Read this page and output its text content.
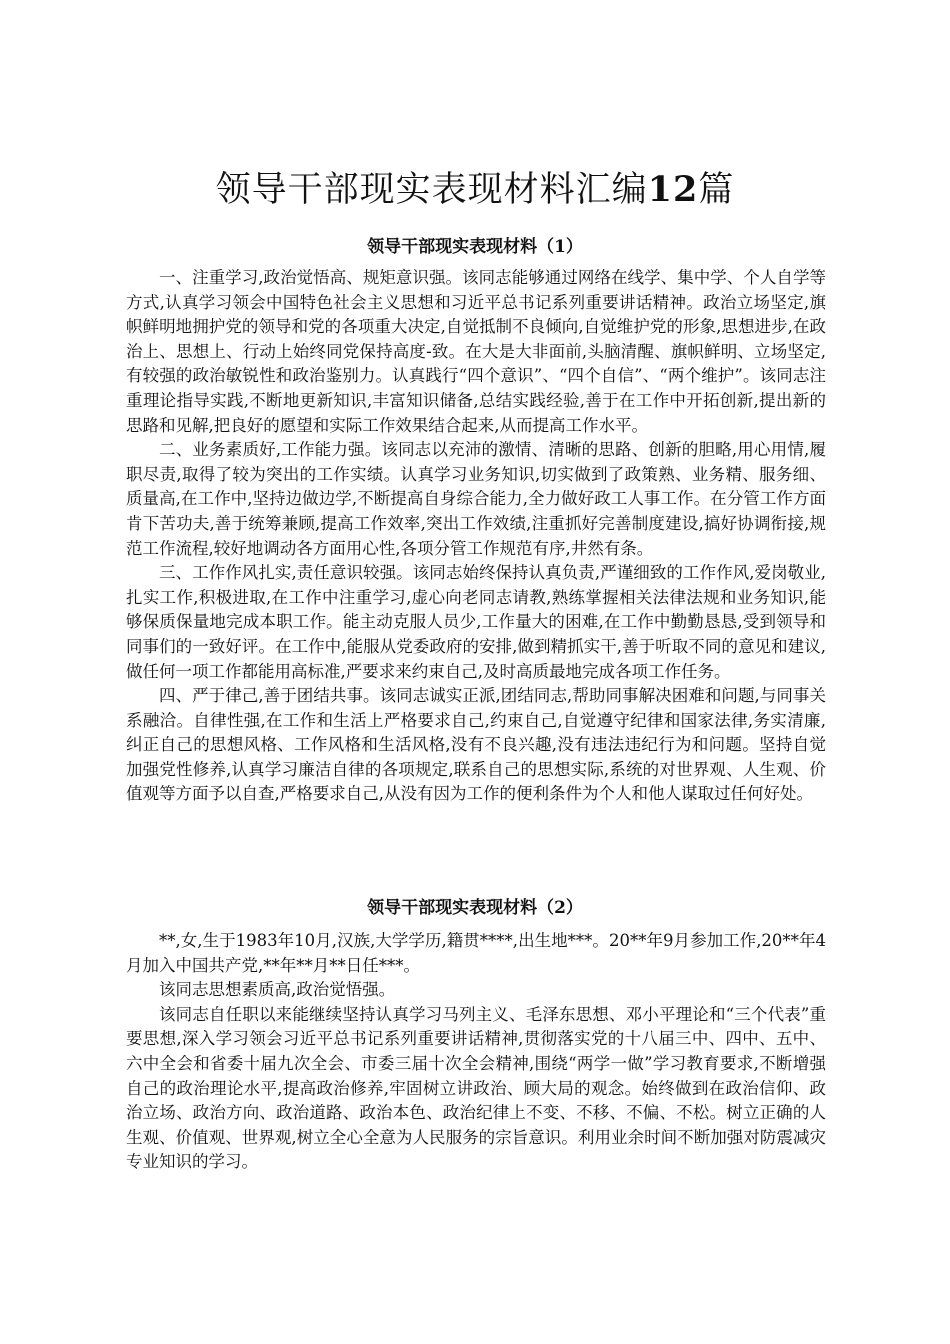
领导干部现实表现材料汇编12篇
领导干部现实表现材料（1）

一、注重学习,政治觉悟高、规矩意识强。该同志能够通过网络在线学、集中学、个人自学等方式,认真学习领会中国特色社会主义思想和习近平总书记系列重要讲话精神。政治立场坚定,旗帜鲜明地拥护党的领导和党的各项重大决定,自觉抵制不良倾向,自觉维护党的形象,思想进步,在政治上、思想上、行动上始终同党保持高度-致。在大是大非面前,头脑清醒、旗帜鲜明、立场坚定,有较强的政治敏锐性和政治鉴别力。认真践行“四个意识”、“四个自信”、“两个维护”。该同志注重理论指导实践,不断地更新知识,丰富知识储备,总结实践经验,善于在工作中开拓创新,提出新的思路和见解,把良好的愿望和实际工作效果结合起来,从而提高工作水平。

二、业务素质好,工作能力强。该同志以充沛的激情、清晰的思路、创新的胆略,用心用情,履职尽责,取得了较为突出的工作实绩。认真学习业务知识,切实做到了政策熟、业务精、服务细、质量高,在工作中,坚持边做边学,不断提高自身综合能力,全力做好政工人事工作。在分管工作方面肯下苦功夫,善于统筹兼顾,提高工作效率,突出工作效绩,注重抓好完善制度建设,搞好协调衔接,规范工作流程,较好地调动各方面用心性,各项分管工作规范有序,井然有条。

三、工作作风扎实,责任意识较强。该同志始终保持认真负责,严谨细致的工作作风,爱岗敬业,扎实工作,积极进取,在工作中注重学习,虚心向老同志请教,熟练掌握相关法律法规和业务知识,能够保质保量地完成本职工作。能主动克服人员少,工作量大的困难,在工作中勤勤恳恳,受到领导和同事们的一致好评。在工作中,能服从党委政府的安排,做到精抓实干,善于听取不同的意见和建议,做任何一项工作都能用高标准,严要求来约束自己,及时高质最地完成各项工作任务。

四、严于律己,善于团结共事。该同志诚实正派,团结同志,帮助同事解决困难和问题,与同事关系融洽。自律性强,在工作和生活上严格要求自己,约束自己,自觉遵守纪律和国家法律,务实清廉,纠正自己的思想风格、工作风格和生活风格,没有不良兴趣,没有违法违纪行为和问题。坚持自觉加强党性修养,认真学习廉洁自律的各项规定,联系自己的思想实际,系统的对世界观、人生观、价值观等方面予以自查,严格要求自己,从没有因为工作的便利条件为个人和他人谋取过任何好处。

领导干部现实表现材料（2）

**,女,生于1983年10月,汉族,大学学历,籍贯****,出生地***。20**年9月参加工作,20**年4月加入中国共产党,**年**月**日任***。

该同志思想素质高,政治觉悟强。

该同志自任职以来能继续坚持认真学习马列主义、毛泽东思想、邓小平理论和“三个代表”重要思想,深入学习领会习近平总书记系列重要讲话精神,贯彻落实党的十八届三中、四中、五中、六中全会和省委十届九次全会、市委三届十次全会精神,围绕“两学一做”学习教育要求,不断增强自己的政治理论水平,提高政治修养,牢固树立讲政治、顾大局的观念。始终做到在政治信仰、政治立场、政治方向、政治道路、政治本色、政治纪律上不变、不移、不偏、不松。树立正确的人生观、价值观、世界观,树立全心全意为人民服务的宗旨意识。利用业余时间不断加强对防震减灾专业知识的学习。
